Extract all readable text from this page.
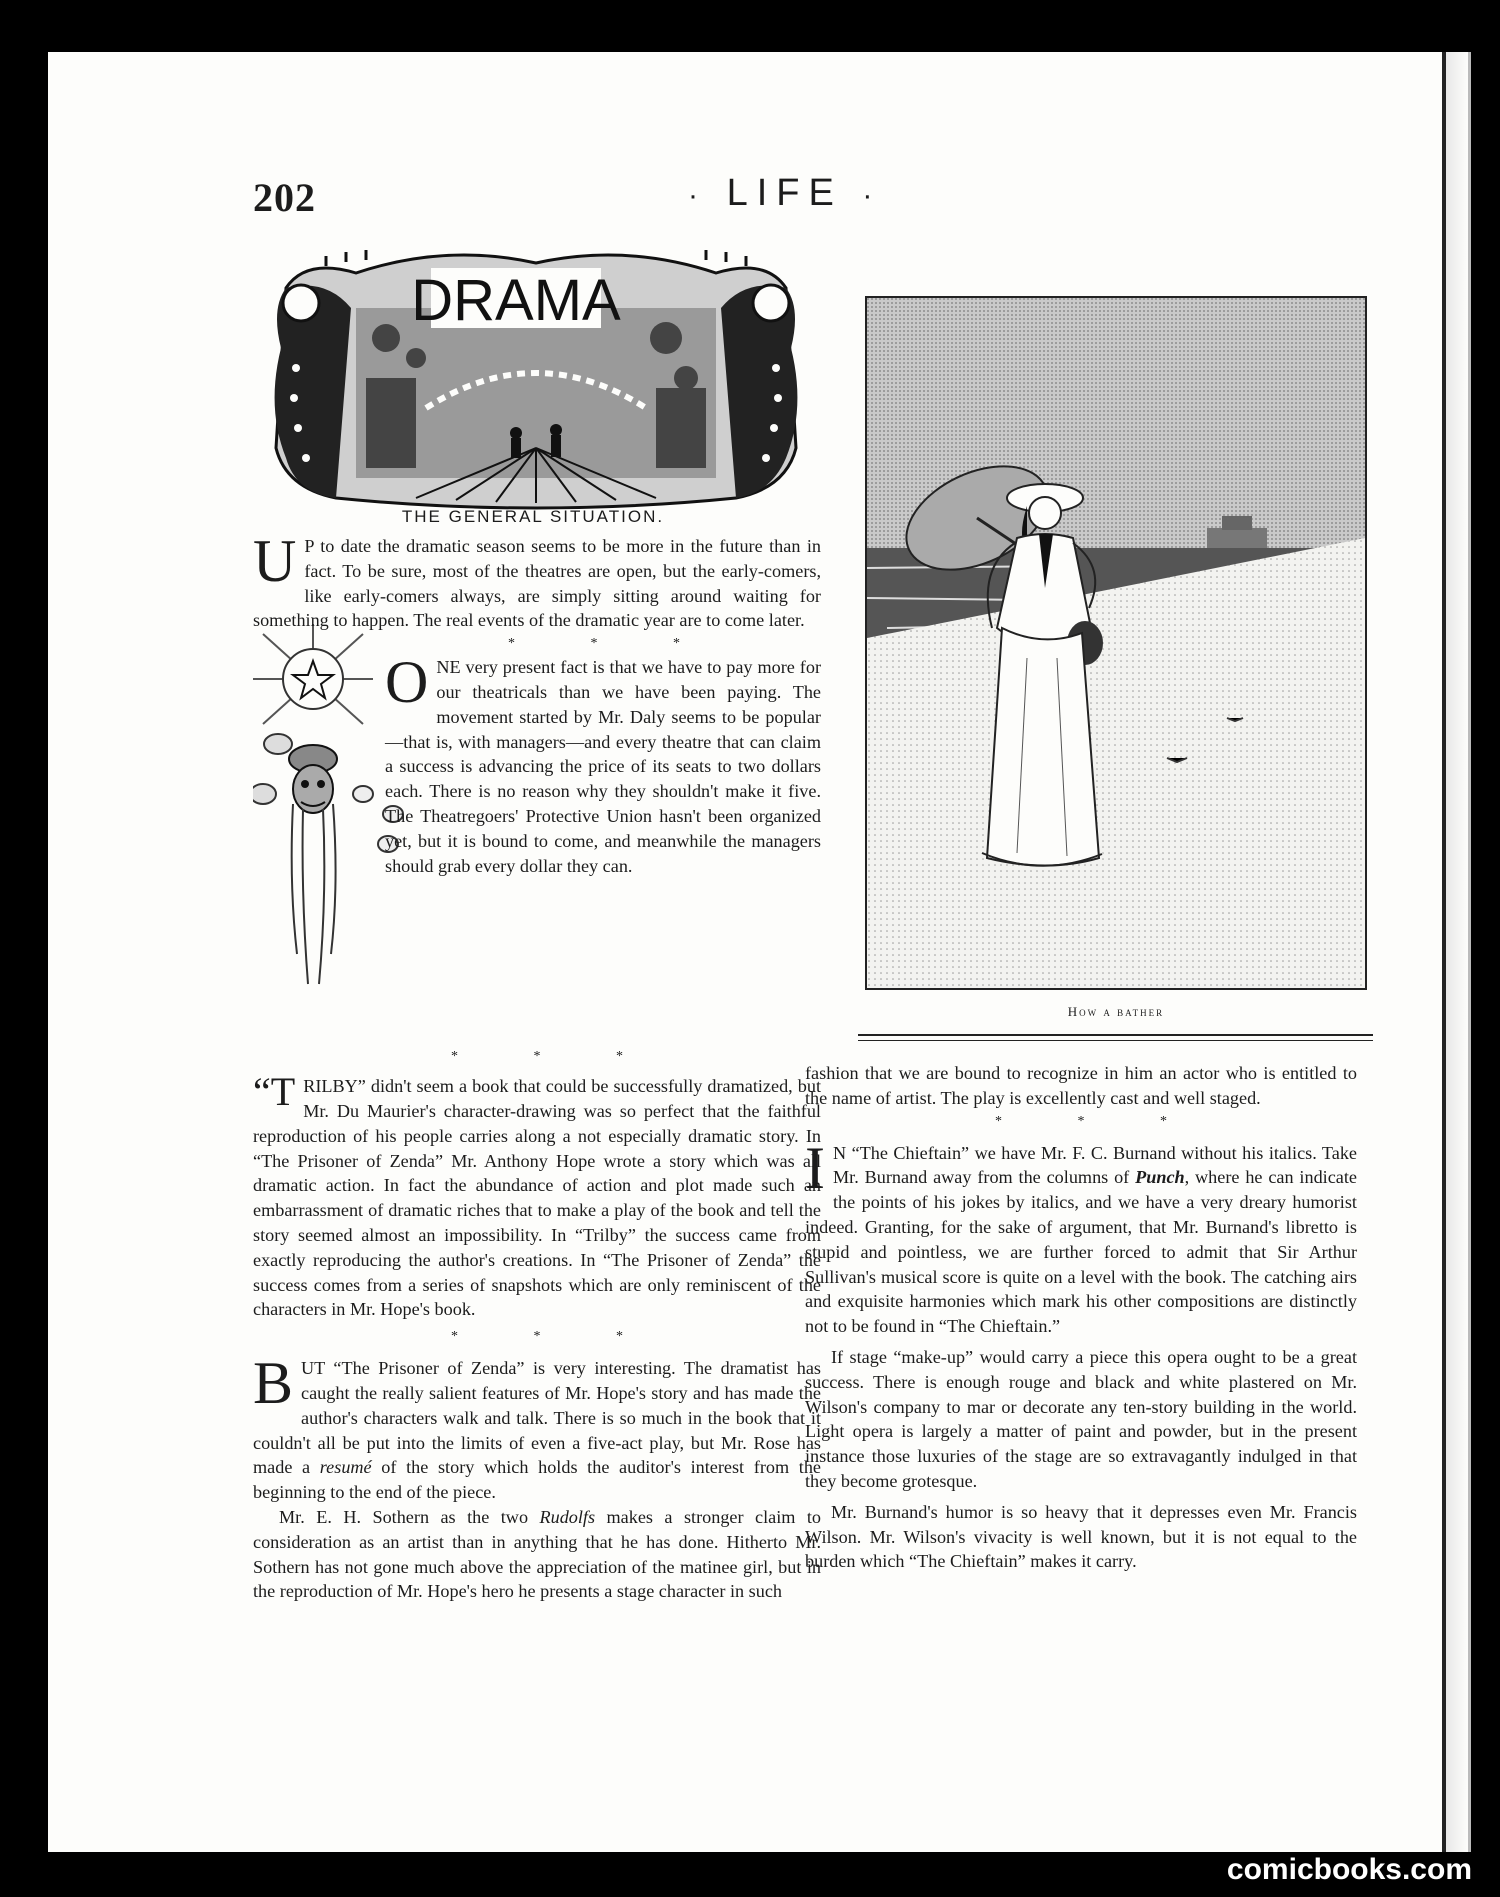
202	· LIFE ·
DRAMA
THE GENERAL SITUATION.

U P to date the dramatic season seems to be more in the future than in fact. To be sure, most of the theatres are open, but the early-comers, like early-comers always, are simply sitting around waiting for something to happen. The real events of the dramatic year are to come later.

* * *

ONE very present fact is that we have to pay more for our theatricals than we have been paying. The movement started by Mr. Daly seems to be popular—that is, with managers—and every theatre that can claim a success is advancing the price of its seats to two dollars each. There is no reason why they shouldn't make it five. The Theatregoers' Protective Union hasn't been organized yet, but it is bound to come, and meanwhile the managers should grab every dollar they can.

* * *

“TRILBY” didn't seem a book that could be successfully dramatized, but Mr. Du Maurier's character-drawing was so perfect that the faithful reproduction of his people carries along a not especially dramatic story. In “The Prisoner of Zenda” Mr. Anthony Hope wrote a story which was all dramatic action. In fact the abundance of action and plot made such an embarrassment of dramatic riches that to make a play of the book and tell the story seemed almost an impossibility. In “Trilby” the success came from exactly reproducing the author's creations. In “The Prisoner of Zenda” the success comes from a series of snapshots which are only reminiscent of the characters in Mr. Hope's book.

* * *

BUT “The Prisoner of Zenda” is very interesting. The dramatist has caught the really salient features of Mr. Hope's story and has made the author's characters walk and talk. There is so much in the book that it couldn't all be put into the limits of even a five-act play, but Mr. Rose has made a resumé of the story which holds the auditor's interest from the beginning to the end of the piece.

Mr. E. H. Sothern as the two Rudolfs makes a stronger claim to consideration as an artist than in anything that he has done. Hitherto Mr. Sothern has not gone much above the appreciation of the matinee girl, but in the reproduction of Mr. Hope's hero he presents a stage character in such

How a bather

fashion that we are bound to recognize in him an actor who is entitled to the name of artist. The play is excellently cast and well staged.

* * *

I N “The Chieftain” we have Mr. F. C. Burnand without his italics. Take Mr. Burnand away from the columns of Punch, where he can indicate the points of his jokes by italics, and we have a very dreary humorist indeed. Granting, for the sake of argument, that Mr. Burnand's libretto is stupid and pointless, we are further forced to admit that Sir Arthur Sullivan's musical score is quite on a level with the book. The catching airs and exquisite harmonies which mark his other compositions are distinctly not to be found in “The Chieftain.”

If stage “make-up” would carry a piece this opera ought to be a great success. There is enough rouge and black and white plastered on Mr. Wilson's company to mar or decorate any ten-story building in the world. Light opera is largely a matter of paint and powder, but in the present instance those luxuries of the stage are so extravagantly indulged in that they become grotesque.

Mr. Burnand's humor is so heavy that it depresses even Mr. Francis Wilson. Mr. Wilson's vivacity is well known, but it is not equal to the burden which “The Chieftain” makes it carry.

comicbooks.com
